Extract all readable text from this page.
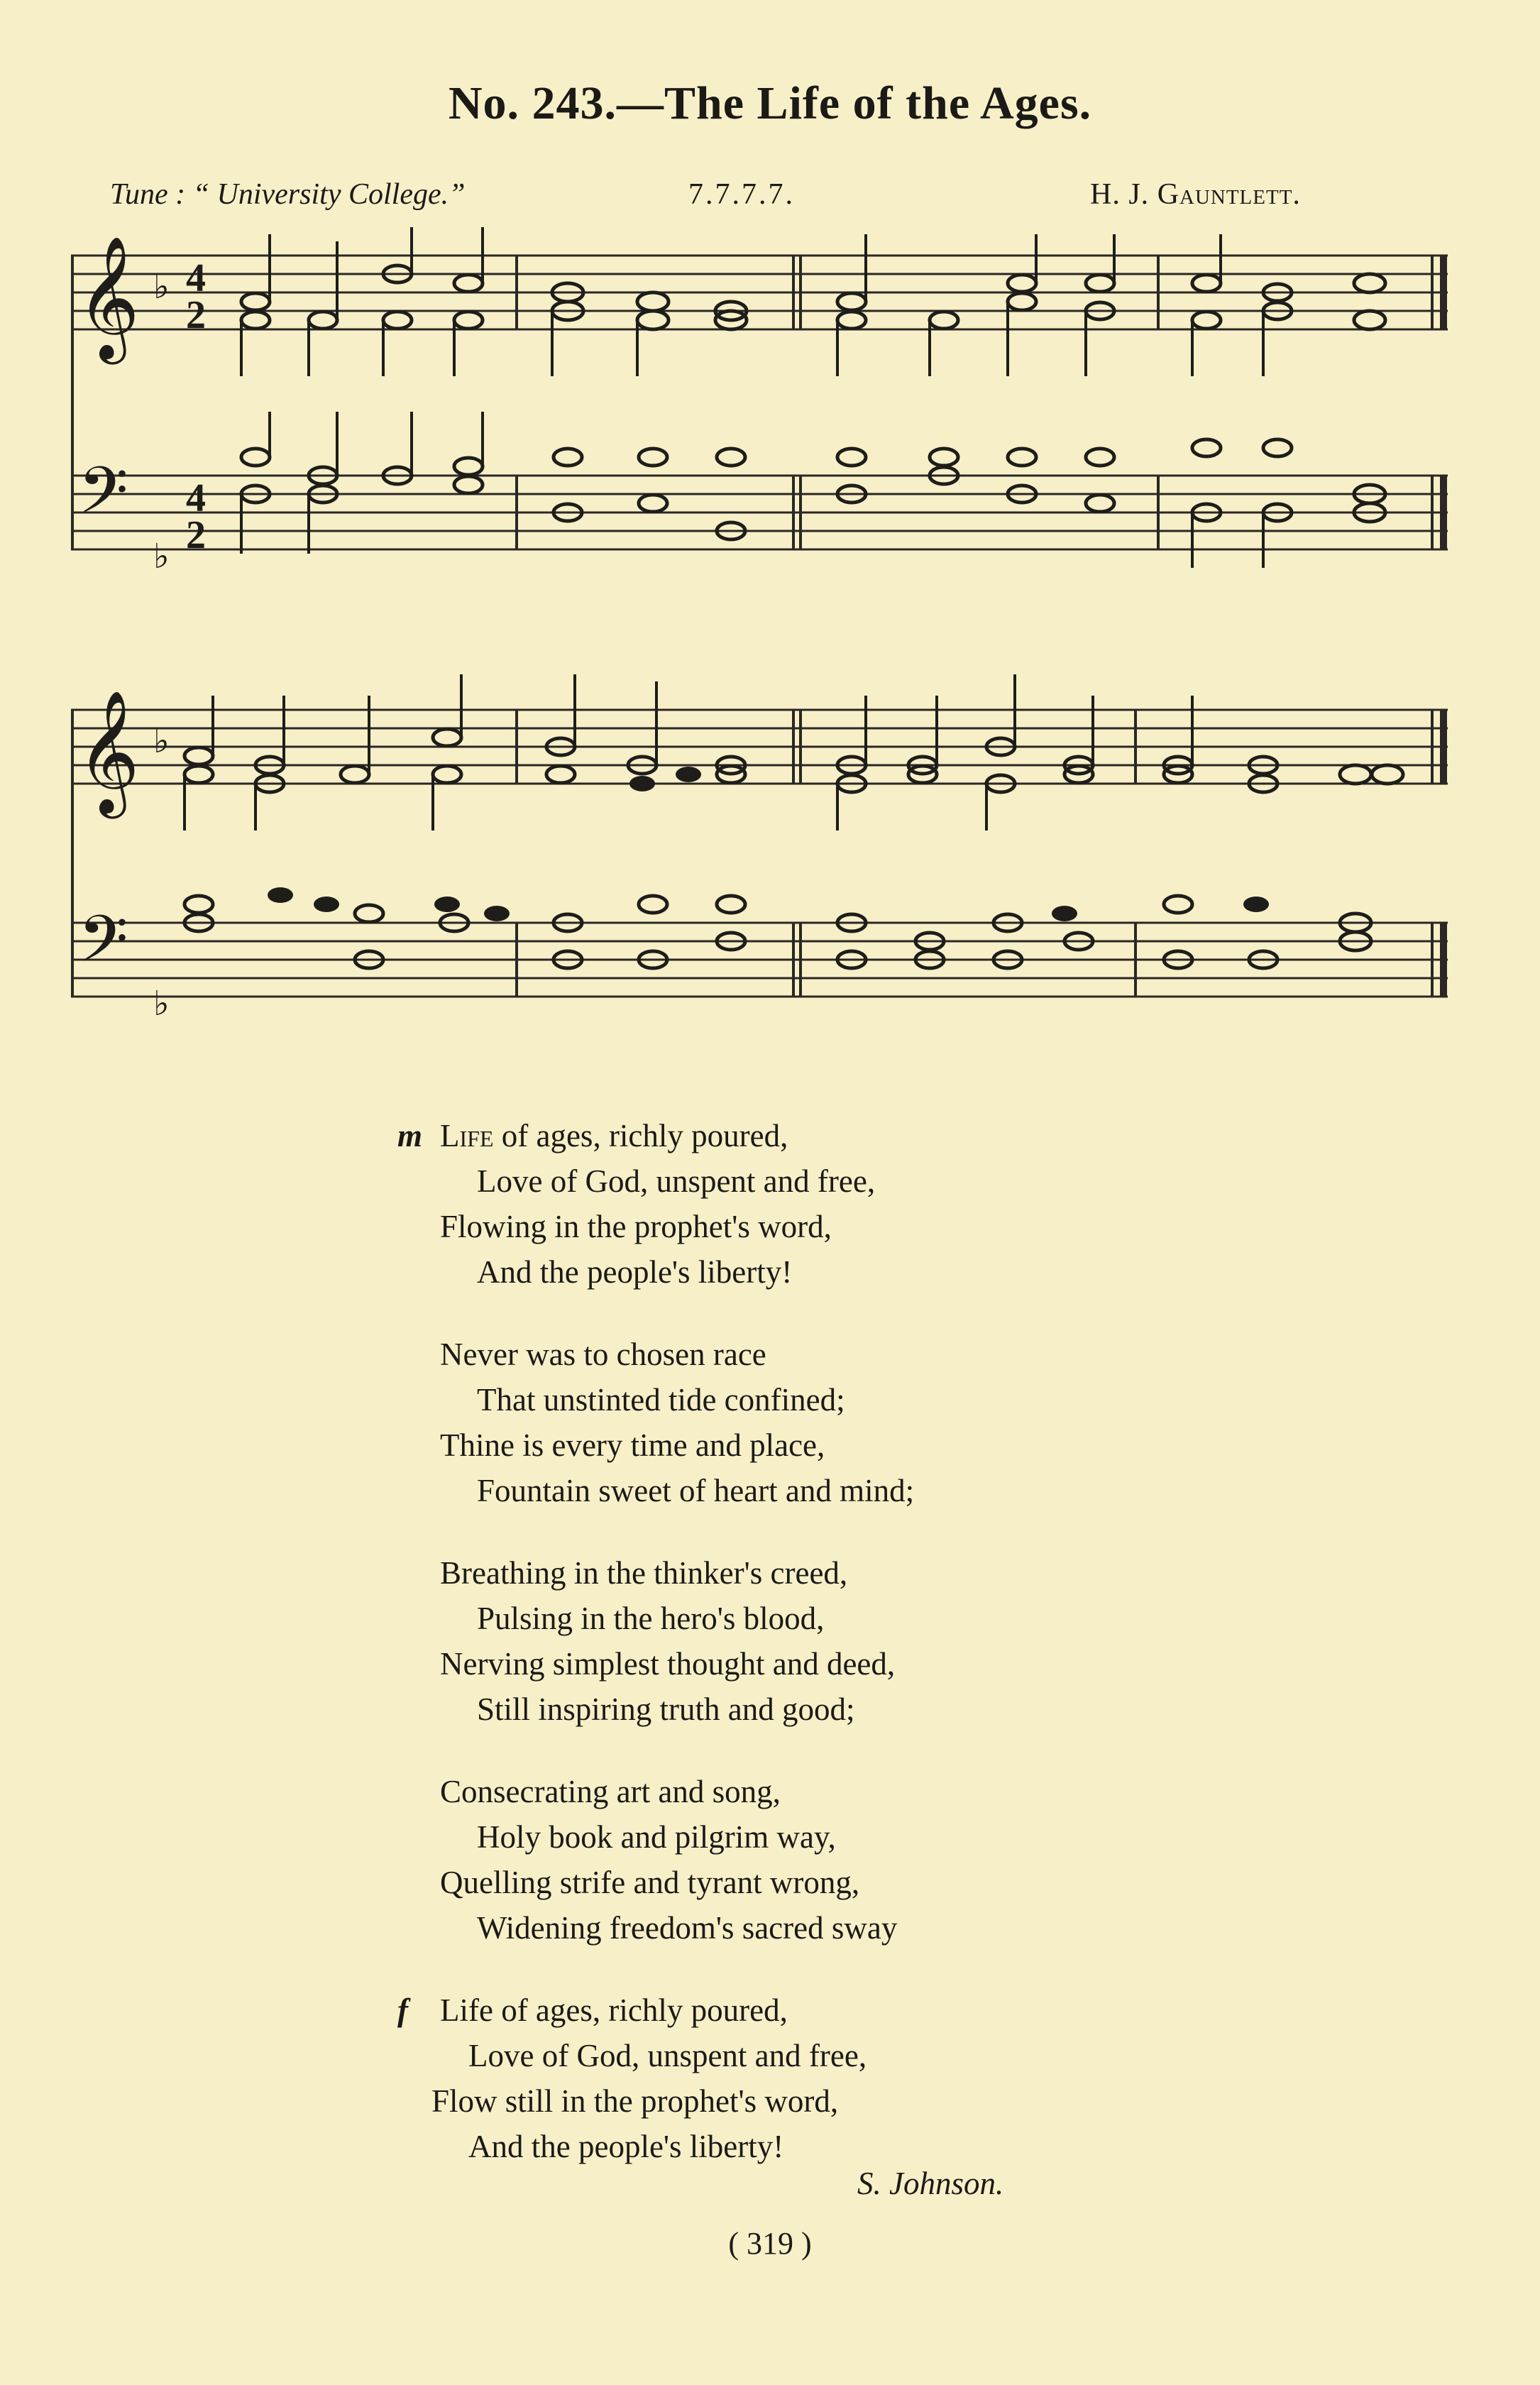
No. 243.—The Life of the Ages.
Tune : “ University College.”	7.7.7.7.	H. J. Gauntlett.
𝄞
𝄢
♭
♭
4
2
4
2
𝄞
𝄢
♭
♭
m Life of ages, richly poured,
Love of God, unspent and free,
Flowing in the prophet's word,
And the people's liberty!
Never was to chosen race
That unstinted tide confined;
Thine is every time and place,
Fountain sweet of heart and mind;
Breathing in the thinker's creed,
Pulsing in the hero's blood,
Nerving simplest thought and deed,
Still inspiring truth and good;
Consecrating art and song,
Holy book and pilgrim way,
Quelling strife and tyrant wrong,
Widening freedom's sacred sway
f Life of ages, richly poured,
Love of God, unspent and free,
Flow still in the prophet's word,
And the people's liberty!
S. Johnson.
( 319 )
